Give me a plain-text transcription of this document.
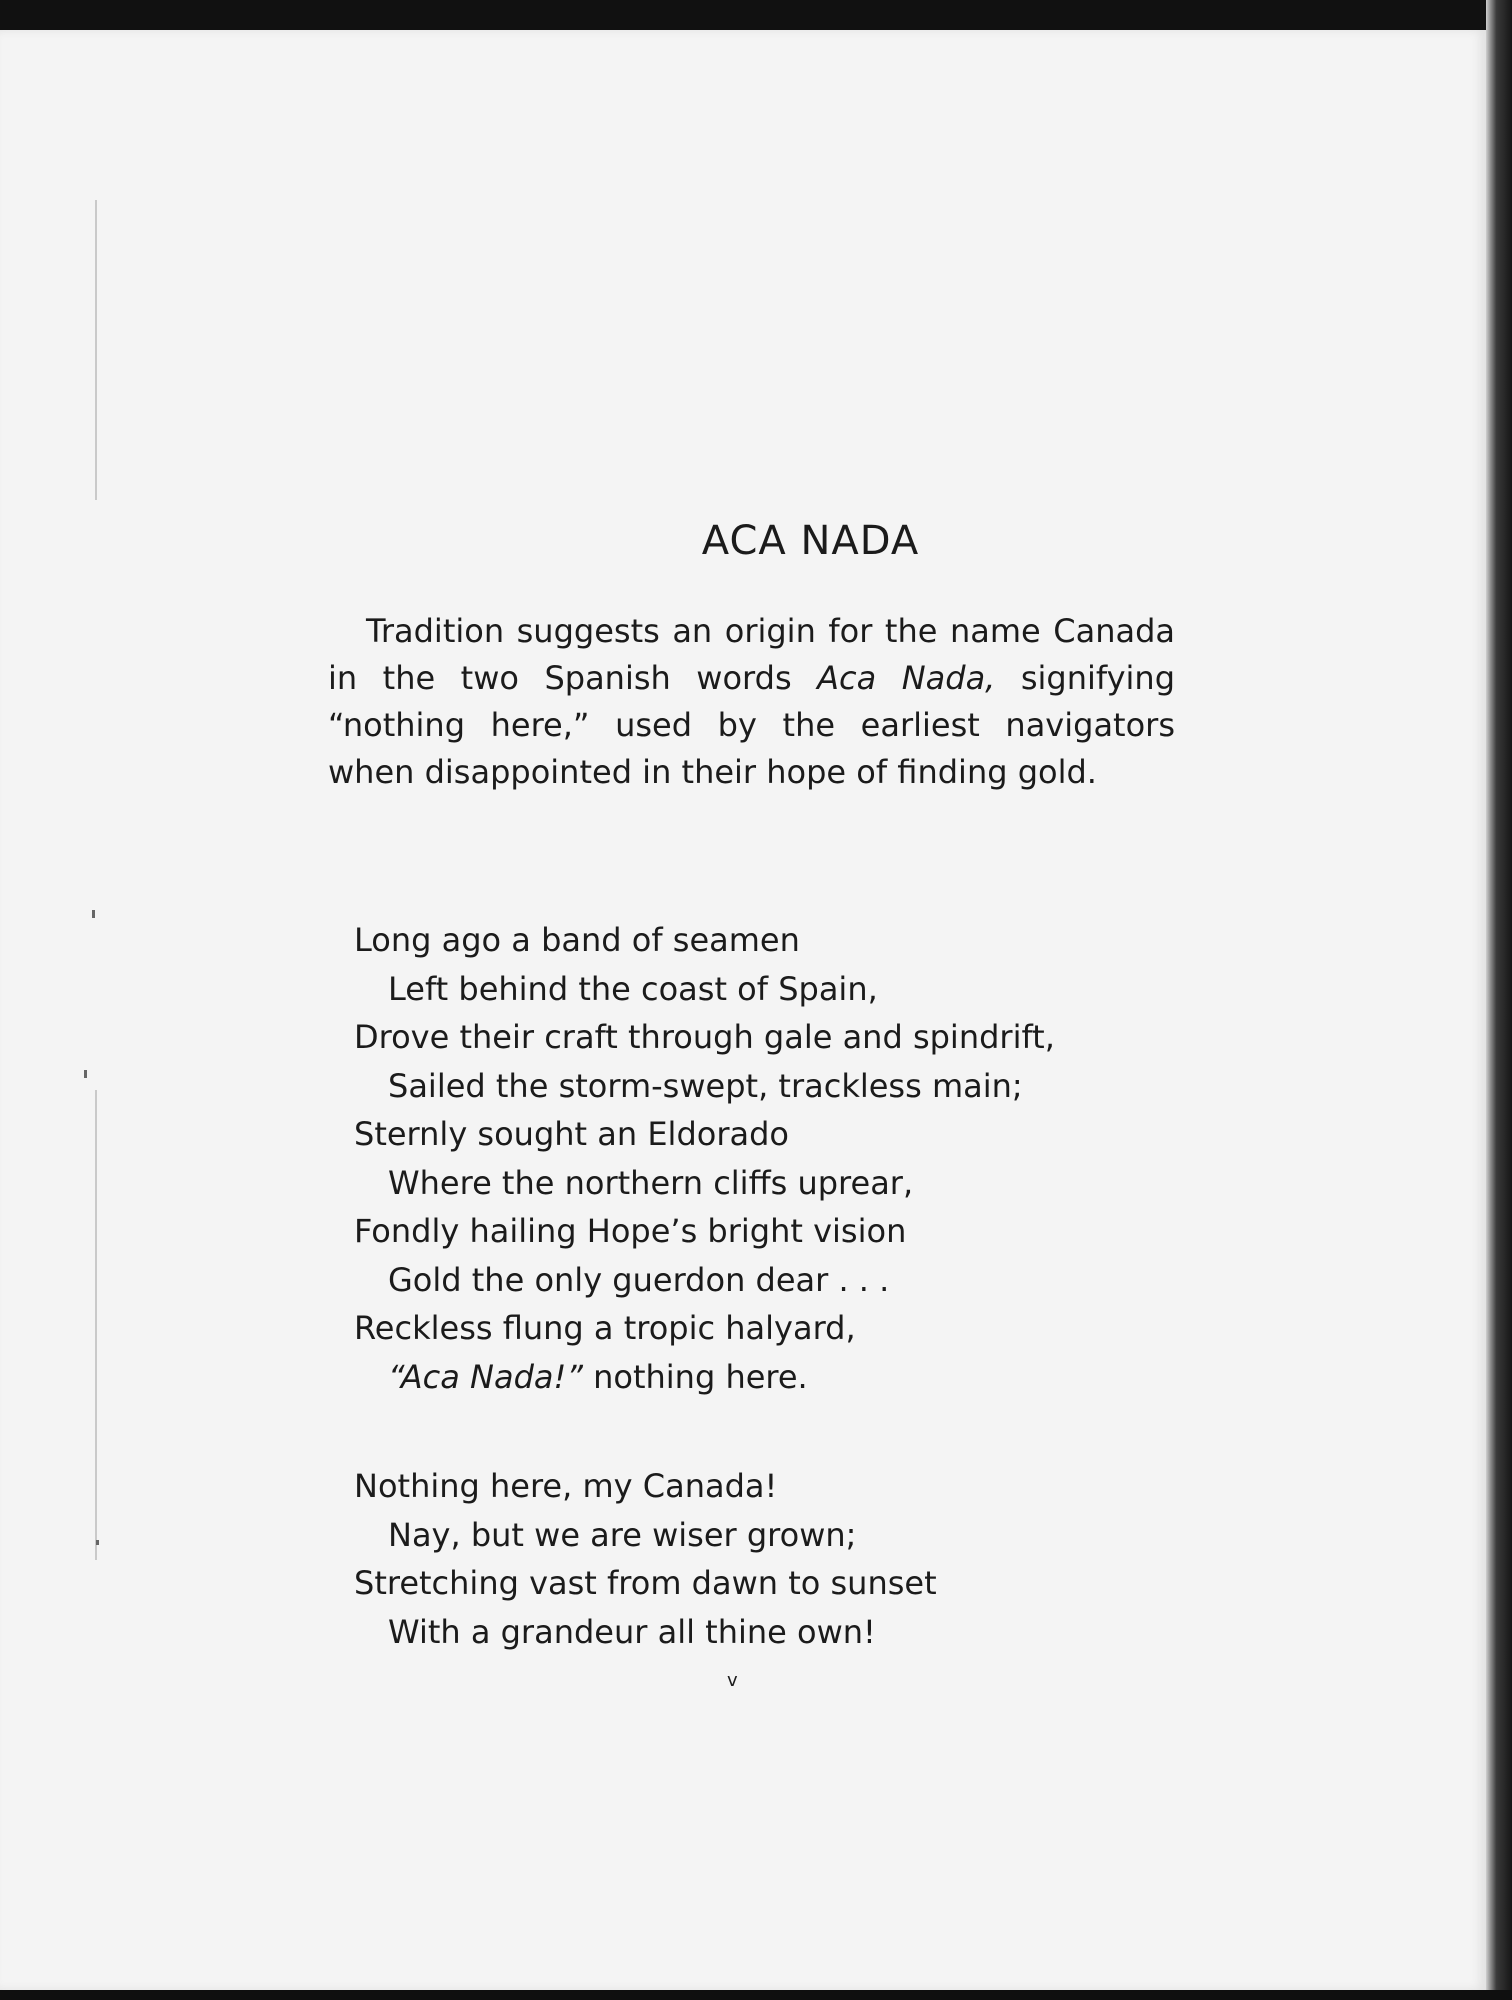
ACA NADA

Tradition suggests an origin for the name Canada in the two Spanish words Aca Nada, signifying “nothing here,” used by the earliest navigators when disappointed in their hope of finding gold.

Long ago a band of seamen
Left behind the coast of Spain,
Drove their craft through gale and spindrift,
Sailed the storm-swept, trackless main;
Sternly sought an Eldorado
Where the northern cliffs uprear,
Fondly hailing Hope’s bright vision
Gold the only guerdon dear . . .
Reckless flung a tropic halyard,
“Aca Nada!” nothing here.
Nothing here, my Canada!
Nay, but we are wiser grown;
Stretching vast from dawn to sunset
With a grandeur all thine own!
v
